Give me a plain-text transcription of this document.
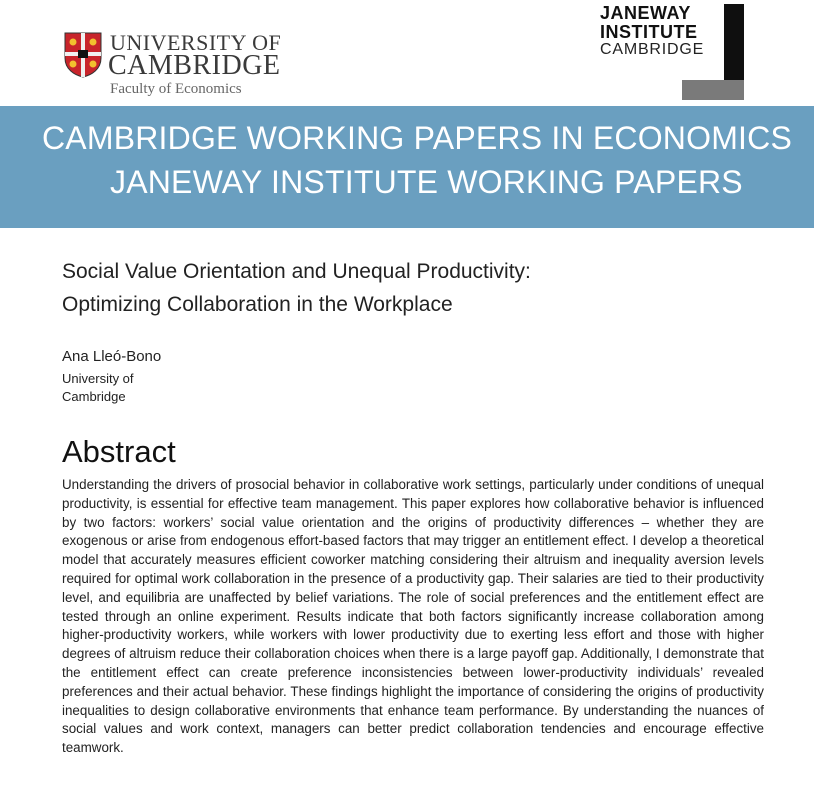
UNIVERSITY OF
CAMBRIDGE
Faculty of Economics
JANEWAY
INSTITUTE
CAMBRIDGE
CAMBRIDGE WORKING PAPERS IN ECONOMICS
JANEWAY INSTITUTE WORKING PAPERS
Social Value Orientation and Unequal Productivity:
Optimizing Collaboration in the Workplace
Ana Lleó-Bono
University of
Cambridge
Abstract
Understanding the drivers of prosocial behavior in collaborative work settings, particularly under conditions of unequal productivity, is essential for effective team management. This paper explores how collaborative behavior is influenced by two factors: workers’ social value orientation and the origins of productivity differences – whether they are exogenous or arise from endogenous effort-based factors that may trigger an entitlement effect. I develop a theoretical model that accurately measures efficient coworker matching considering their altruism and inequality aversion levels required for optimal work collaboration in the presence of a productivity gap. Their salaries are tied to their productivity level, and equilibria are unaffected by belief variations. The role of social preferences and the entitlement effect are tested through an online experiment. Results indicate that both factors significantly increase collaboration among higher-productivity workers, while workers with lower productivity due to exerting less effort and those with higher degrees of altruism reduce their collaboration choices when there is a large payoff gap. Additionally, I demonstrate that the entitlement effect can create preference inconsistencies between lower-productivity individuals’ revealed preferences and their actual behavior. These findings highlight the importance of considering the origins of productivity inequalities to design collaborative environments that enhance team performance. By understanding the nuances of social values and work context, managers can better predict collaboration tendencies and encourage effective teamwork.
